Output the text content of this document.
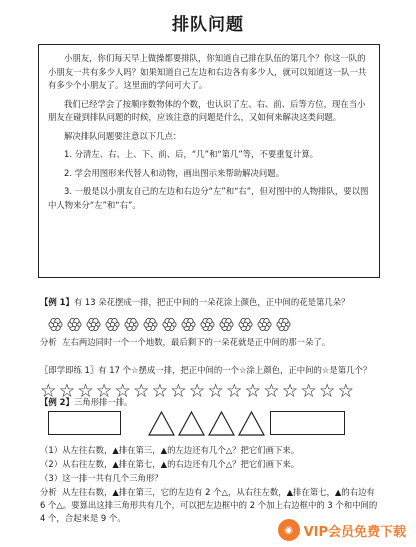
排队问题

小朋友，你们每天早上做操都要排队，你知道自己排在队伍的第几个？你这一队的小朋友一共有多少人吗？如果知道自己左边和右边各有多少人，就可以知道这一队一共有多少个小朋友了。这里面的学问可大了。

我们已经学会了按顺序数物体的个数，也认识了左、右、前、后等方位，现在当小朋友在碰到排队问题的时候，应该注意的问题是什么，又如何来解决这类问题。

解决排队问题要注意以下几点：

1. 分清左、右、上、下、前、后，“几”和“第几”等，不要重复计算。

2. 学会用图形来代替人和动物，画出图示来帮助解决问题。

3. 一般是以小朋友自己的左边和右边分“左”和“右”，但对图中的人物排队，要以图中人物来分“左”和“右”。

【例 1】有 13 朵花摆成一排，把正中间的一朵花涂上颜色，正中间的花是第几朵？
分析 左右两边同时一个一个地数，最后剩下的一朵花就是正中间的那一朵了。
〖即学即练 1〗有 17 个☆摆成一排，把正中间的一个☆涂上颜色，正中间的☆是第几个？
☆ ☆ ☆ ☆ ☆ ☆ ☆ ☆ ☆ ☆ ☆ ☆ ☆ ☆ ☆ ☆ ☆
【例 2】三角形排一排。
（1）从左往右数，▲排在第三，▲的左边还有几个△？把它们画下来。
（2）从右往左数，▲排在第七，▲的右边还有几个△？把它们画下来。
（3）这一排一共有几个三角形？
分析 从左往右数，▲排在第三，它的左边有 2 个△，从右往左数，▲排在第七，▲的右边有 6 个△。要算出这排三角形共有几个，可以把左边框中的 2 个加上右边框中的 3 个和中间的 4 个，合起来是 9 个。
◉ VIP会员免费下载
